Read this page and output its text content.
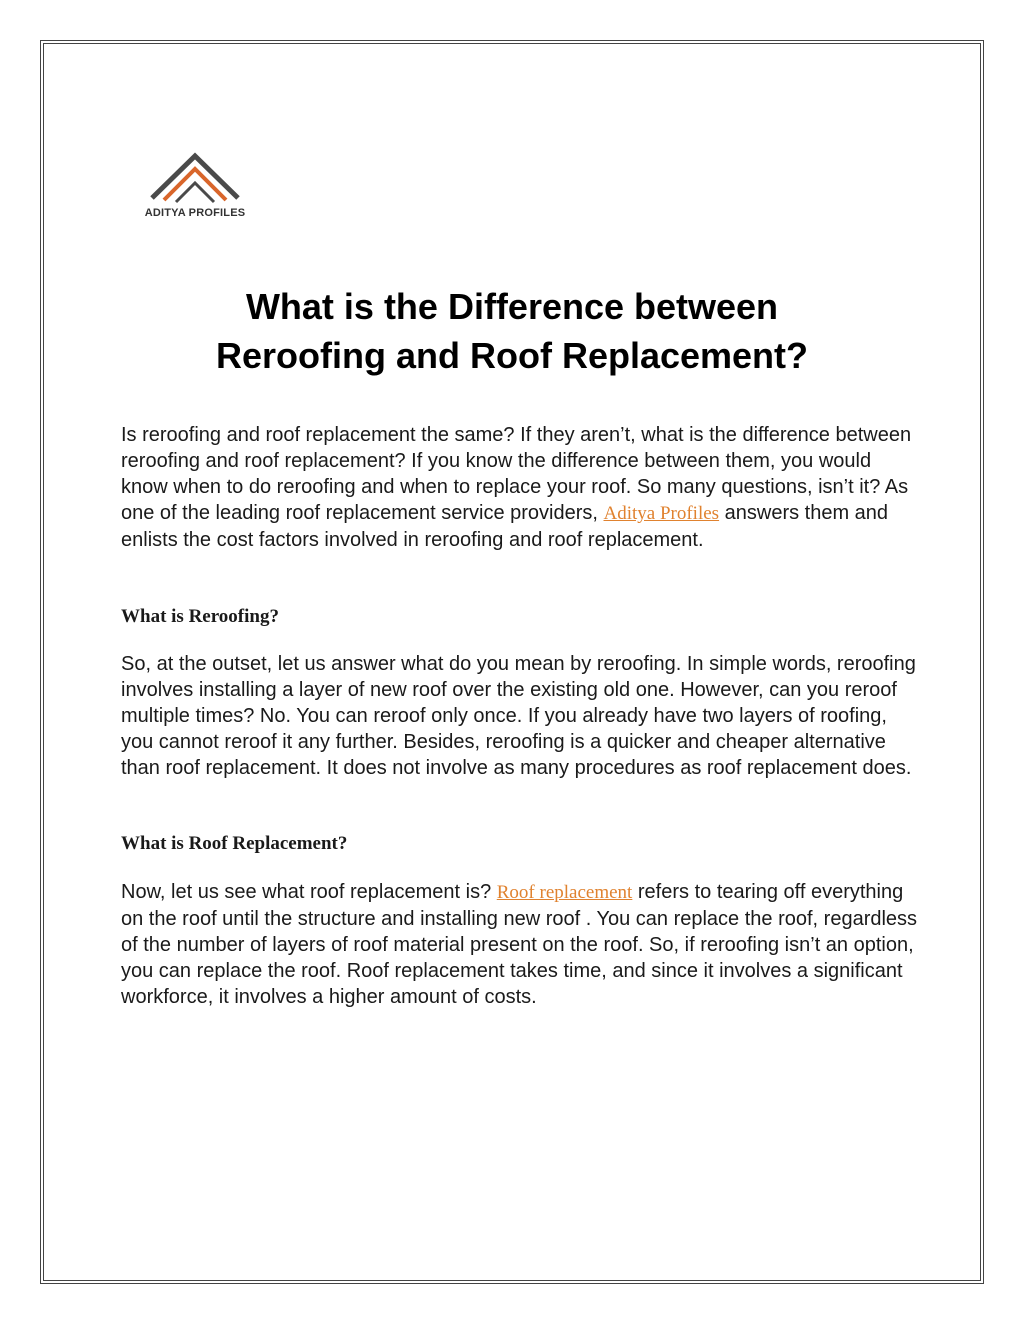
ADITYA PROFILES
What is the Difference between
Reroofing and Roof Replacement?

Is reroofing and roof replacement the same? If they aren’t, what is the difference between reroofing and roof replacement? If you know the difference between them, you would know when to do reroofing and when to replace your roof. So many questions, isn’t it? As one of the leading roof replacement service providers, Aditya Profiles answers them and enlists the cost factors involved in reroofing and roof replacement.

What is Reroofing?

So, at the outset, let us answer what do you mean by reroofing. In simple words, reroofing involves installing a layer of new roof over the existing old one. However, can you reroof multiple times? No. You can reroof only once. If you already have two layers of roofing, you cannot reroof it any further. Besides, reroofing is a quicker and cheaper alternative than roof replacement. It does not involve as many procedures as roof replacement does.

What is Roof Replacement?

Now, let us see what roof replacement is? Roof replacement refers to tearing off everything on the roof until the structure and installing new roof . You can replace the roof, regardless of the number of layers of roof material present on the roof. So, if reroofing isn’t an option, you can replace the roof. Roof replacement takes time, and since it involves a significant workforce, it involves a higher amount of costs.
